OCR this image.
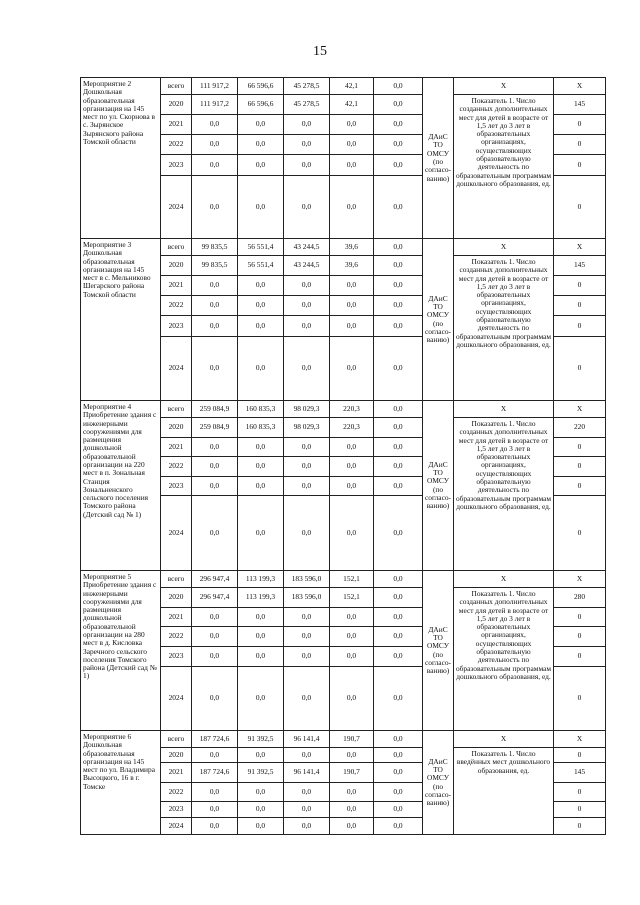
15
Мероприятие 2 Дошкольная образовательная организация на 145 мест по ул. Скорнова в с. Зырянское Зырянского района Томской области	всего	111 917,2	66 596,6	45 278,5	42,1	0,0	ДАиС ТО ОМСУ (по согласо-ванию)	X	X
	2020	111 917,2	66 596,6	45 278,5	42,1	0,0		Показатель 1. Число созданных дополнительных мест для детей в возрасте от 1,5 лет до 3 лет в образовательных организациях, осуществляющих образовательную деятельность по образовательным программам дошкольного образования, ед.	145
	2021	0,0	0,0	0,0	0,0	0,0			0
	2022	0,0	0,0	0,0	0,0	0,0			0
	2023	0,0	0,0	0,0	0,0	0,0			0
	2024	0,0	0,0	0,0	0,0	0,0			0
Мероприятие 3 Дошкольная образовательная организация на 145 мест в с. Мельниково Шегарского района Томской области	всего	99 835,5	56 551,4	43 244,5	39,6	0,0	ДАиС ТО ОМСУ (по согласо-ванию)	X	X
	2020	99 835,5	56 551,4	43 244,5	39,6	0,0		Показатель 1. Число созданных дополнительных мест для детей в возрасте от 1,5 лет до 3 лет в образовательных организациях, осуществляющих образовательную деятельность по образовательным программам дошкольного образования, ед.	145
	2021	0,0	0,0	0,0	0,0	0,0			0
	2022	0,0	0,0	0,0	0,0	0,0			0
	2023	0,0	0,0	0,0	0,0	0,0			0
	2024	0,0	0,0	0,0	0,0	0,0			0
Мероприятие 4 Приобретение здания с инженерными сооружениями для размещения дошкольной образовательной организации на 220 мест в п. Зональная Станция Зональненского сельского поселения Томского района (Детский сад № 1)	всего	259 084,9	160 835,3	98 029,3	220,3	0,0	ДАиС ТО ОМСУ (по согласо-ванию)	X	X
	2020	259 084,9	160 835,3	98 029,3	220,3	0,0		Показатель 1. Число созданных дополнительных мест для детей в возрасте от 1,5 лет до 3 лет в образовательных организациях, осуществляющих образовательную деятельность по образовательным программам дошкольного образования, ед.	220
	2021	0,0	0,0	0,0	0,0	0,0			0
	2022	0,0	0,0	0,0	0,0	0,0			0
	2023	0,0	0,0	0,0	0,0	0,0			0
	2024	0,0	0,0	0,0	0,0	0,0			0
Мероприятие 5 Приобретение здания с инженерными сооружениями для размещения дошкольной образовательной организации на 280 мест в д. Кисловка Заречного сельского поселения Томского района (Детский сад № 1)	всего	296 947,4	113 199,3	183 596,0	152,1	0,0	ДАиС ТО ОМСУ (по согласо-ванию)	X	X
	2020	296 947,4	113 199,3	183 596,0	152,1	0,0		Показатель 1. Число созданных дополнительных мест для детей в возрасте от 1,5 лет до 3 лет в образовательных организациях, осуществляющих образовательную деятельность по образовательным программам дошкольного образования, ед.	280
	2021	0,0	0,0	0,0	0,0	0,0			0
	2022	0,0	0,0	0,0	0,0	0,0			0
	2023	0,0	0,0	0,0	0,0	0,0			0
	2024	0,0	0,0	0,0	0,0	0,0			0
Мероприятие 6 Дошкольная образовательная организация на 145 мест по ул. Владимира Высоцкого, 16 в г. Томске	всего	187 724,6	91 392,5	96 141,4	190,7	0,0	ДАиС ТО ОМСУ (по согласо-ванию)	X	X
	2020	0,0	0,0	0,0	0,0	0,0		Показатель 1. Число введённых мест дошкольного образования, ед.	0
	2021	187 724,6	91 392,5	96 141,4	190,7	0,0			145
	2022	0,0	0,0	0,0	0,0	0,0			0
	2023	0,0	0,0	0,0	0,0	0,0			0
	2024	0,0	0,0	0,0	0,0	0,0			0
